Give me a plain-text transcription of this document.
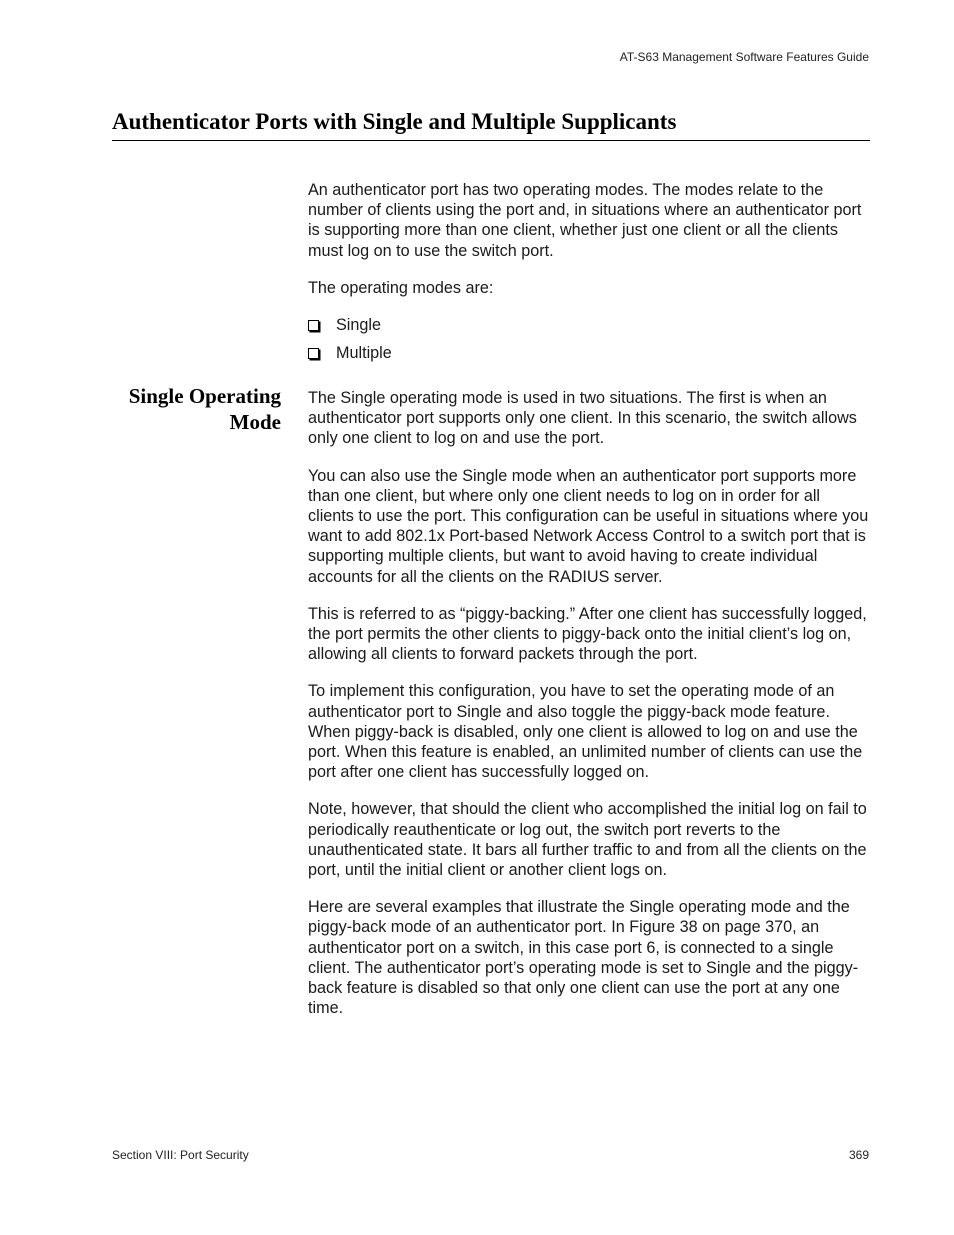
AT-S63 Management Software Features Guide
Authenticator Ports with Single and Multiple Supplicants

An authenticator port has two operating modes. The modes relate to the number of clients using the port and, in situations where an authenticator port is supporting more than one client, whether just one client or all the clients must log on to use the switch port.

The operating modes are:

Single
Multiple
Single Operating
Mode

The Single operating mode is used in two situations. The first is when an authenticator port supports only one client. In this scenario, the switch allows only one client to log on and use the port.

You can also use the Single mode when an authenticator port supports more than one client, but where only one client needs to log on in order for all clients to use the port. This configuration can be useful in situations where you want to add 802.1x Port-based Network Access Control to a switch port that is supporting multiple clients, but want to avoid having to create individual accounts for all the clients on the RADIUS server.

This is referred to as “piggy-backing.” After one client has successfully logged, the port permits the other clients to piggy-back onto the initial client’s log on, allowing all clients to forward packets through the port.

To implement this configuration, you have to set the operating mode of an authenticator port to Single and also toggle the piggy-back mode feature. When piggy-back is disabled, only one client is allowed to log on and use the port. When this feature is enabled, an unlimited number of clients can use the port after one client has successfully logged on.

Note, however, that should the client who accomplished the initial log on fail to periodically reauthenticate or log out, the switch port reverts to the unauthenticated state. It bars all further traffic to and from all the clients on the port, until the initial client or another client logs on.

Here are several examples that illustrate the Single operating mode and the piggy-back mode of an authenticator port. In Figure 38 on page 370, an authenticator port on a switch, in this case port 6, is connected to a single client. The authenticator port’s operating mode is set to Single and the piggy-back feature is disabled so that only one client can use the port at any one time.

Section VIII: Port Security	369
